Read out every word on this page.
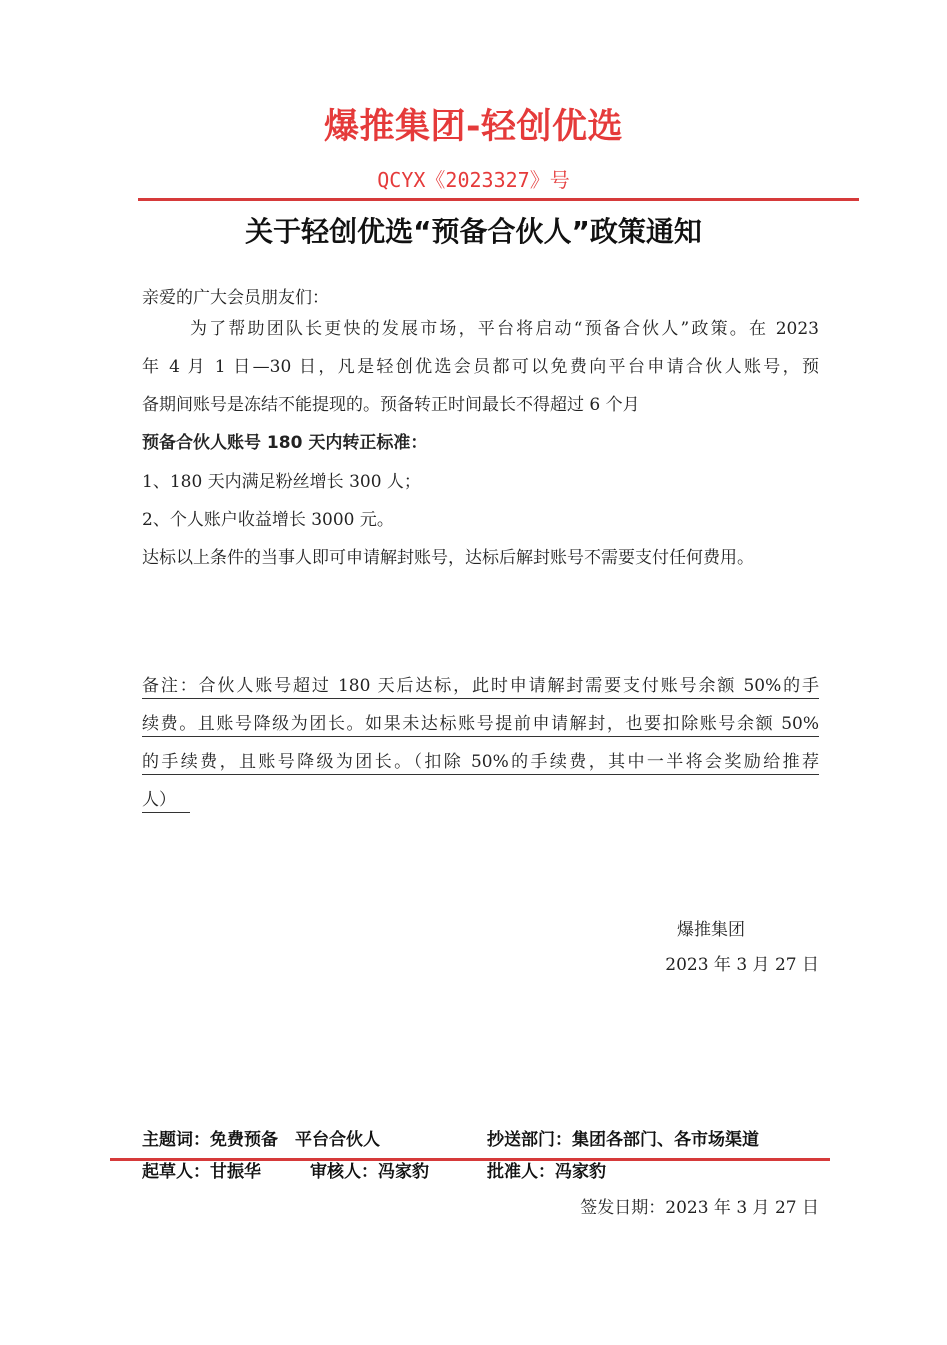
爆推集团-轻创优选
QCYX《2023327》号
关于轻创优选“预备合伙人”政策通知
亲爱的广大会员朋友们：
为了帮助团队长更快的发展市场，平台将启动“预备合伙人”政策。在 2023
年 4 月 1 日—30 日，凡是轻创优选会员都可以免费向平台申请合伙人账号，预
备期间账号是冻结不能提现的。预备转正时间最长不得超过 6 个月
预备合伙人账号 180 天内转正标准：
1、180 天内满足粉丝增长 300 人；
2、个人账户收益增长 3000 元。
达标以上条件的当事人即可申请解封账号，达标后解封账号不需要支付任何费用。
备注：合伙人账号超过 180 天后达标，此时申请解封需要支付账号余额 50%的手
续费。且账号降级为团长。如果未达标账号提前申请解封，也要扣除账号余额 50%
的手续费，且账号降级为团长。（扣除 50%的手续费，其中一半将会奖励给推荐
人）
爆推集团
2023 年 3 月 27 日
主题词：免费预备　平台合伙人	抄送部门：集团各部门、各市场渠道
起草人：甘振华	审核人：冯家豹	批准人：冯家豹
签发日期：2023 年 3 月 27 日
